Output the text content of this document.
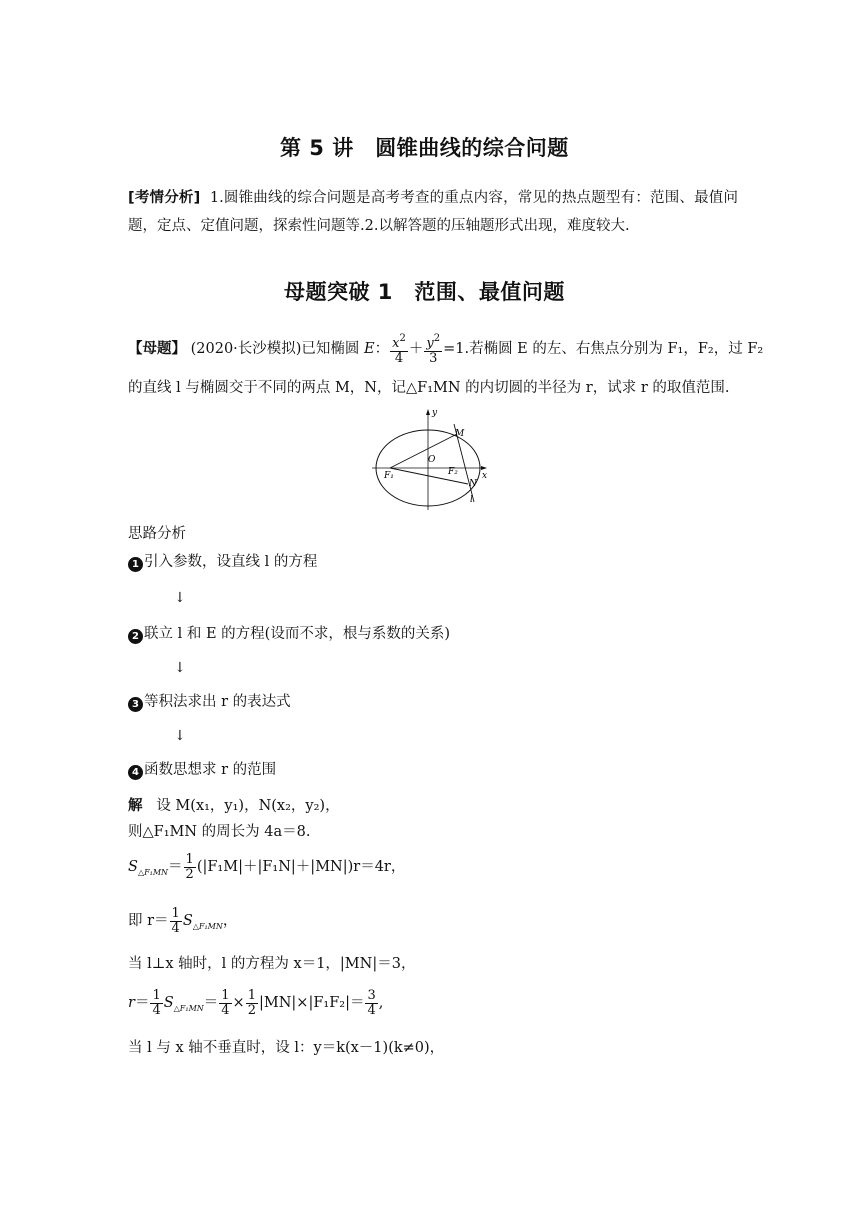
第 5 讲　圆锥曲线的综合问题
[考情分析] 1.圆锥曲线的综合问题是高考考查的重点内容，常见的热点题型有：范围、最值问题，定点、定值问题，探索性问题等.2.以解答题的压轴题形式出现，难度较大.
母题突破 1　范围、最值问题
【母题】 (2020·长沙模拟)已知椭圆 E： $\frac{x^2}{4} + \frac{y^2}{3} =1$.若椭圆 E 的左、右焦点分别为 F₁，F₂，过 F₂
的直线 l 与椭圆交于不同的两点 M，N，记△F₁MN 的内切圆的半径为 r，试求 r 的取值范围.
y
x
O
M
N
F₁	F₂
l
思路分析
1 引入参数，设直线 l 的方程
↓
2 联立 l 和 E 的方程(设而不求，根与系数的关系)
↓
3 等积法求出 r 的表达式
↓
4 函数思想求 r 的范围
解 设 M(x₁，y₁)，N(x₂，y₂)，
则△F₁MN 的周长为 4a＝8.
$S_{\triangle F_1MN}= \frac{1}{2} (|F_1M|+|F_1N|+|MN|)r=4r$，
即 $r= \frac{1}{4} S_{\triangle F_1MN}$，
当 l⊥x 轴时，l 的方程为 x＝1，|MN|＝3，
$r= \frac{1}{4} S_{\triangle F_1MN}= \frac{1}{4} \times \frac{1}{2} |MN|\times|F_1F_2|= \frac{3}{4}$ ,
当 l 与 x 轴不垂直时，设 l：y＝k(x－1)(k≠0)，
